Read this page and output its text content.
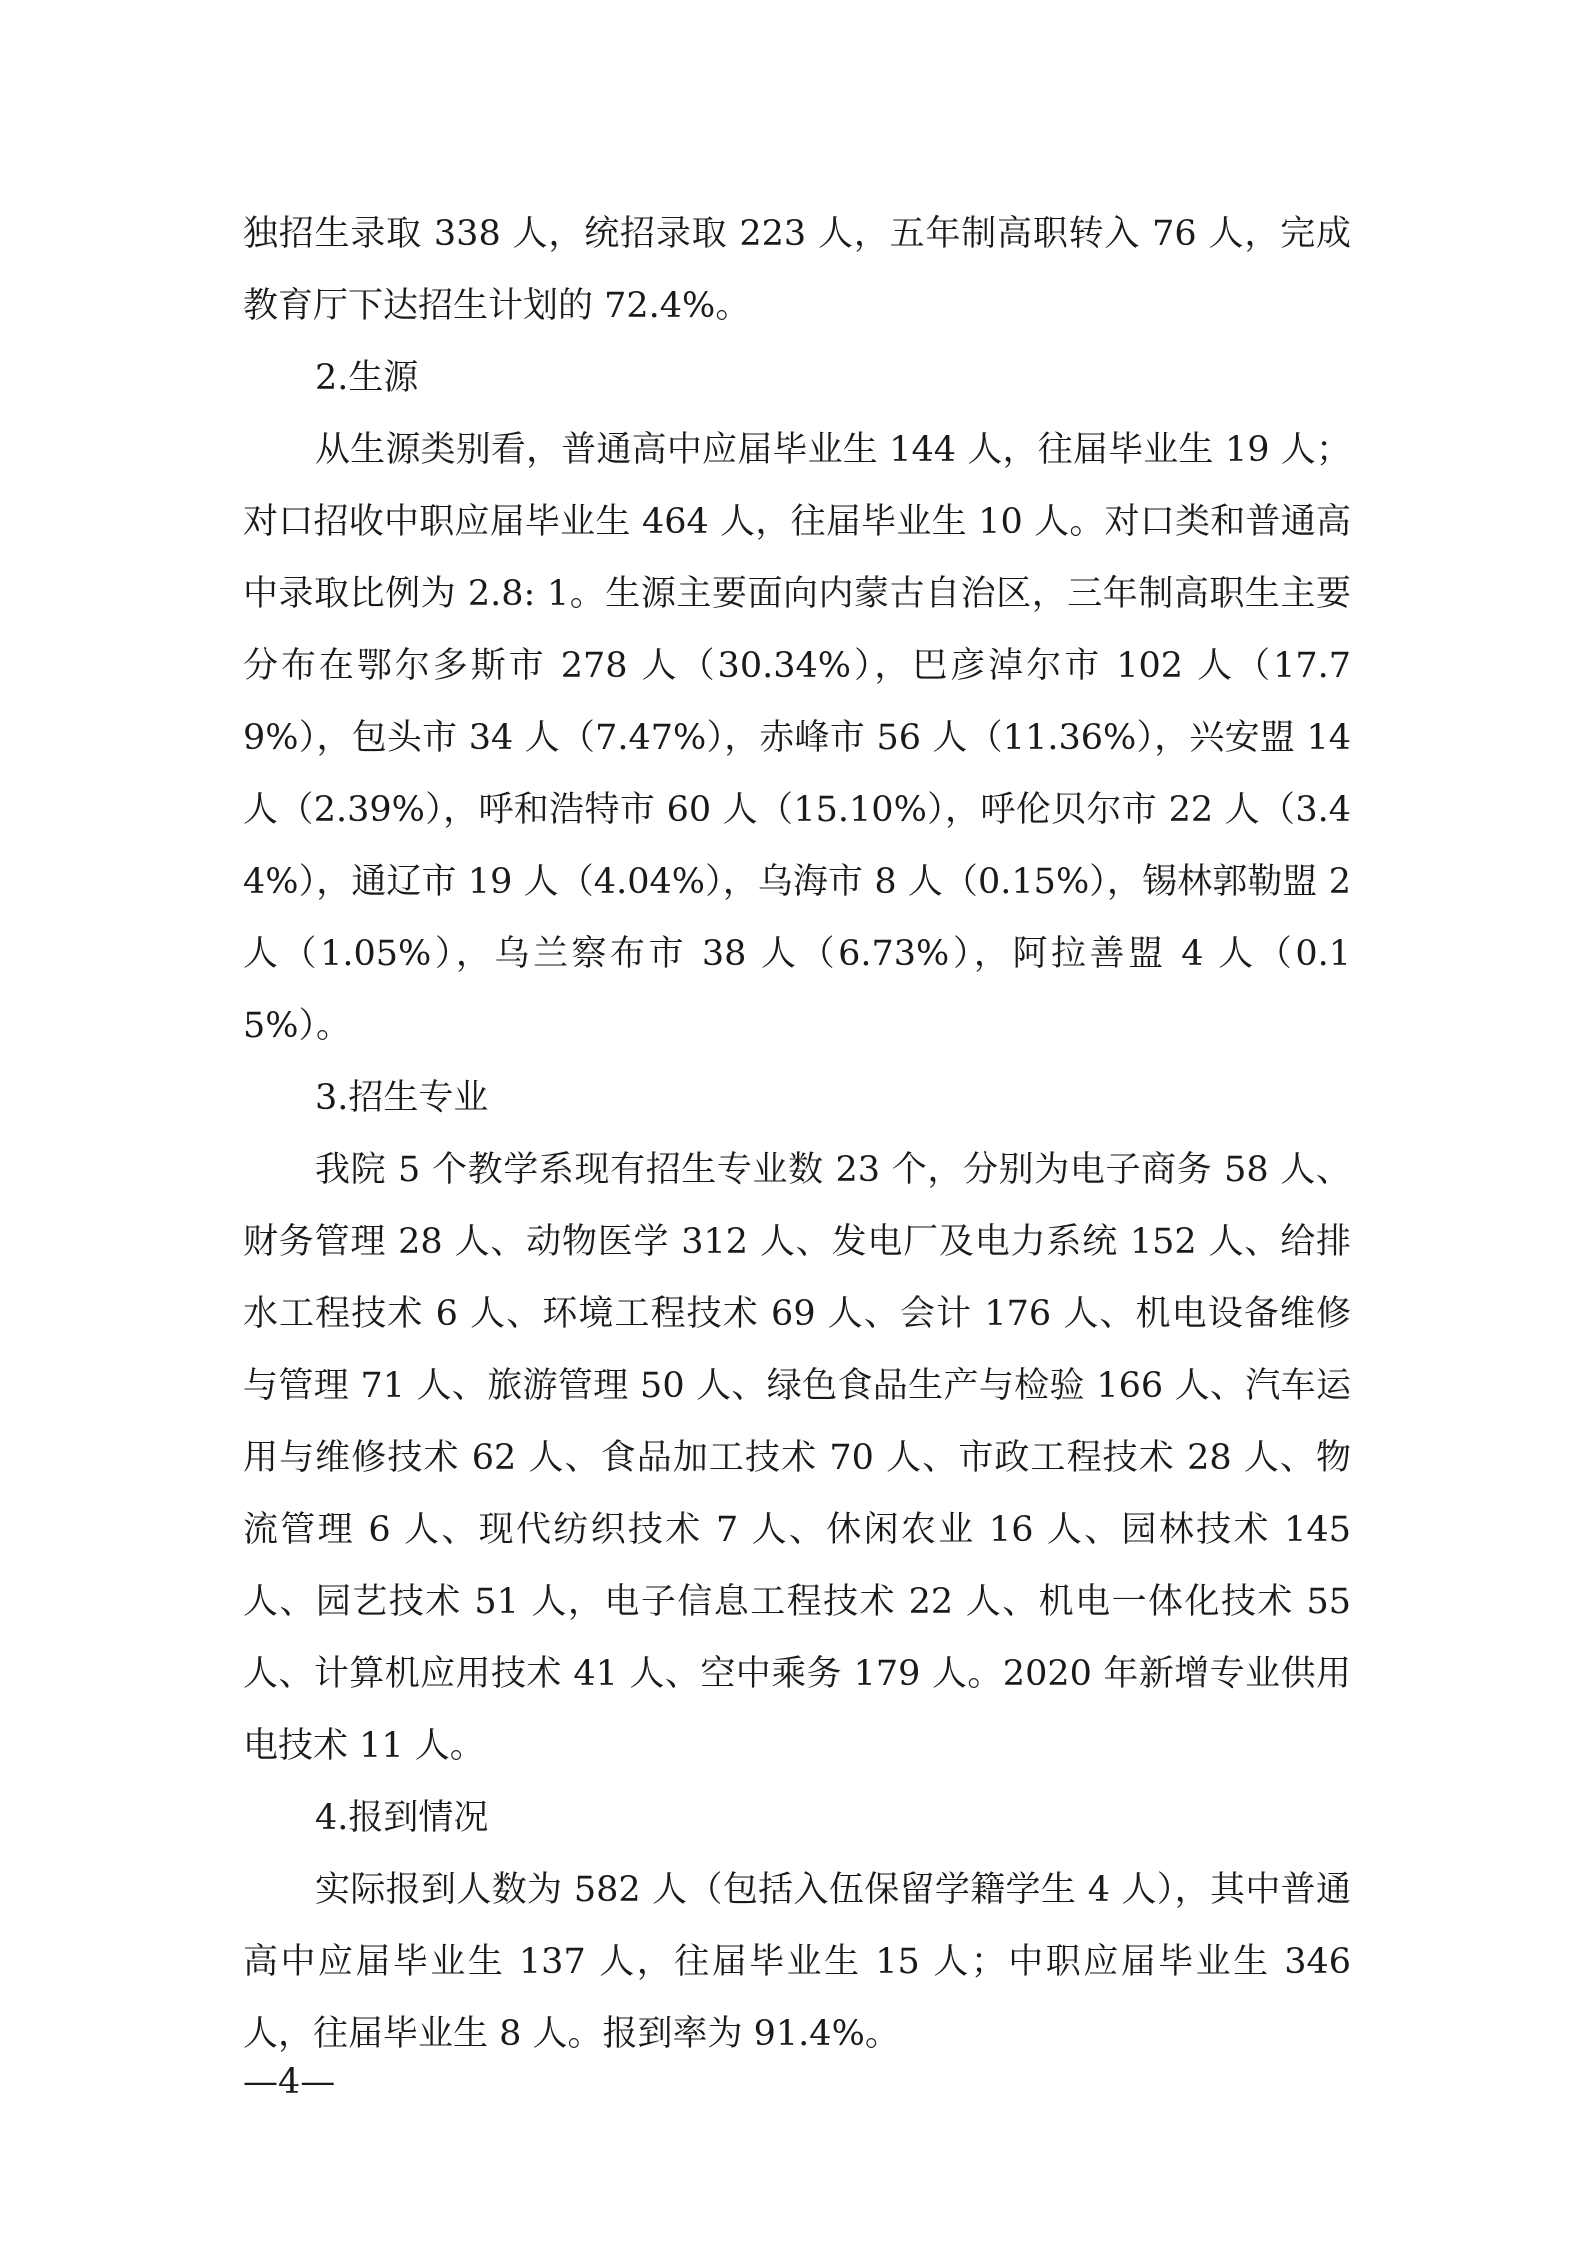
独招生录取 338 人，统招录取 223 人，五年制高职转入 76 人，完成教育厅下达招生计划的 72.4%。

2.生源

从生源类别看，普通高中应届毕业生 144 人，往届毕业生 19 人；对口招收中职应届毕业生 464 人，往届毕业生 10 人。对口类和普通高中录取比例为 2.8: 1。生源主要面向内蒙古自治区，三年制高职生主要分布在鄂尔多斯市 278 人（30.34%），巴彦淖尔市 102 人（17.79%），包头市 34 人（7.47%），赤峰市 56 人（11.36%），兴安盟 14 人（2.39%），呼和浩特市 60 人（15.10%），呼伦贝尔市 22 人（3.44%），通辽市 19 人（4.04%），乌海市 8 人（0.15%），锡林郭勒盟 2 人（1.05%），乌兰察布市 38 人（6.73%），阿拉善盟 4 人（0.15%）。

3.招生专业

我院 5 个教学系现有招生专业数 23 个，分别为电子商务 58 人、财务管理 28 人、动物医学 312 人、发电厂及电力系统 152 人、给排水工程技术 6 人、环境工程技术 69 人、会计 176 人、机电设备维修与管理 71 人、旅游管理 50 人、绿色食品生产与检验 166 人、汽车运用与维修技术 62 人、食品加工技术 70 人、市政工程技术 28 人、物流管理 6 人、现代纺织技术 7 人、休闲农业 16 人、园林技术 145 人、园艺技术 51 人，电子信息工程技术 22 人、机电一体化技术 55 人、计算机应用技术 41 人、空中乘务 179 人。2020 年新增专业供用电技术 11 人。

4.报到情况

实际报到人数为 582 人（包括入伍保留学籍学生 4 人），其中普通高中应届毕业生 137 人，往届毕业生 15 人；中职应届毕业生 346 人，往届毕业生 8 人。报到率为 91.4%。

—4—
